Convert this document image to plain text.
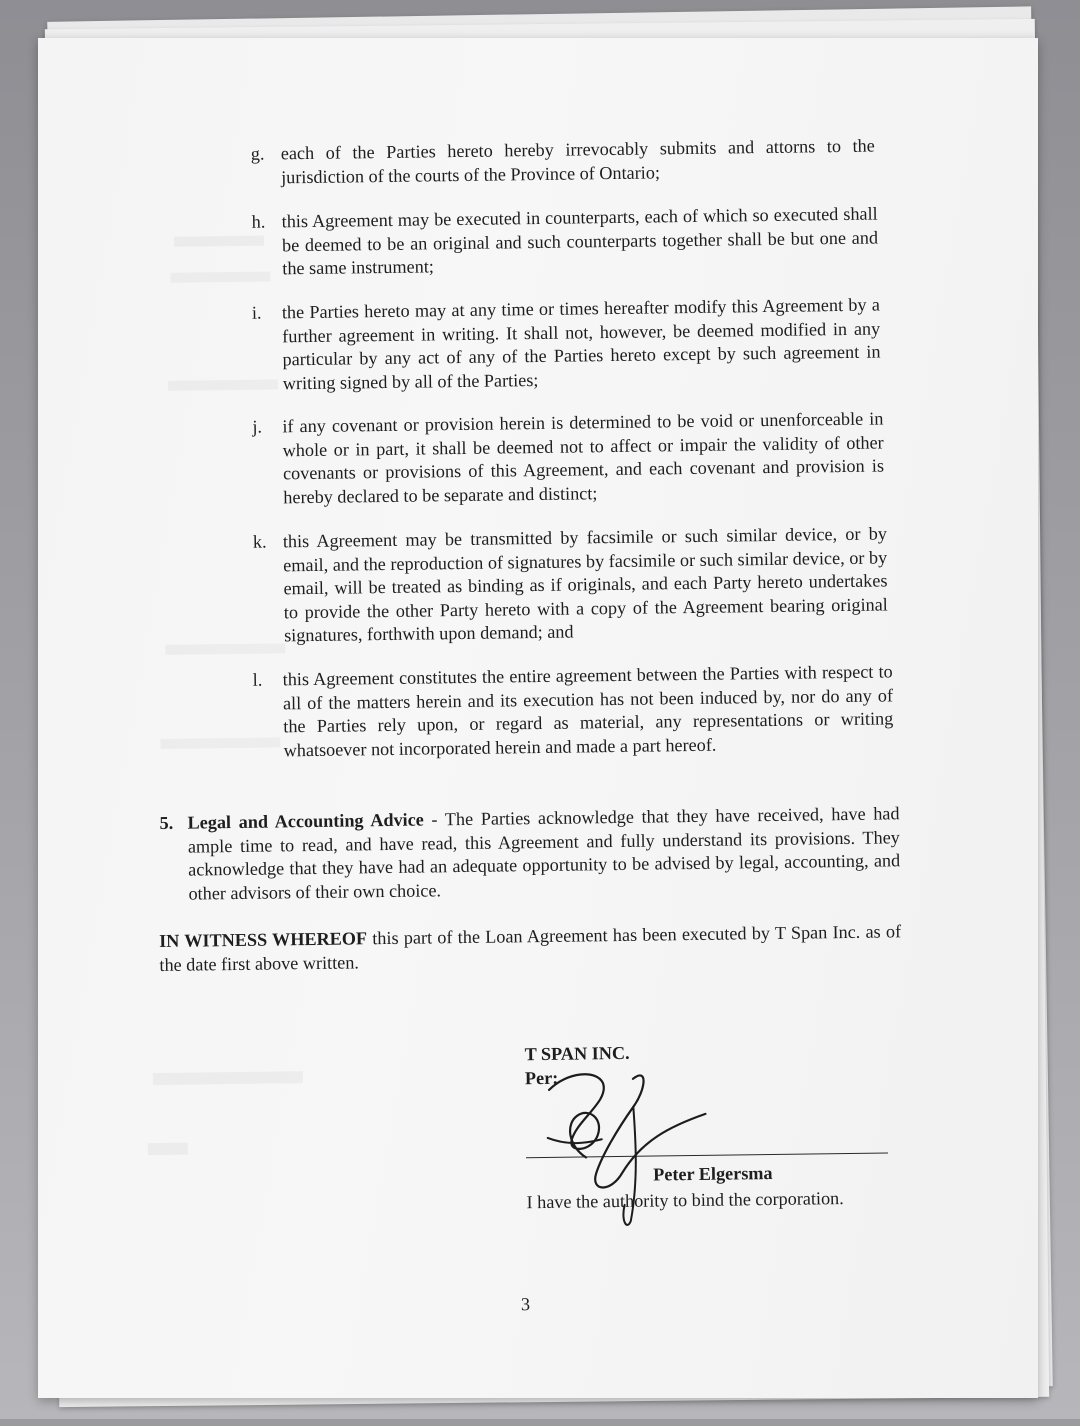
g. each of the Parties hereto hereby irrevocably submits and attorns to the jurisdiction of the courts of the Province of Ontario;
h. this Agreement may be executed in counterparts, each of which so executed shall be deemed to be an original and such counterparts together shall be but one and the same instrument;
i. the Parties hereto may at any time or times hereafter modify this Agreement by a further agreement in writing. It shall not, however, be deemed modified in any particular by any act of any of the Parties hereto except by such agreement in writing signed by all of the Parties;
j. if any covenant or provision herein is determined to be void or unenforceable in whole or in part, it shall be deemed not to affect or impair the validity of other covenants or provisions of this Agreement, and each covenant and provision is hereby declared to be separate and distinct;
k. this Agreement may be transmitted by facsimile or such similar device, or by email, and the reproduction of signatures by facsimile or such similar device, or by email, will be treated as binding as if originals, and each Party hereto undertakes to provide the other Party hereto with a copy of the Agreement bearing original signatures, forthwith upon demand; and
l. this Agreement constitutes the entire agreement between the Parties with respect to all of the matters herein and its execution has not been induced by, nor do any of the Parties rely upon, or regard as material, any representations or writing whatsoever not incorporated herein and made a part hereof.
5. Legal and Accounting Advice - The Parties acknowledge that they have received, have had ample time to read, and have read, this Agreement and fully understand its provisions. They acknowledge that they have had an adequate opportunity to be advised by legal, accounting, and other advisors of their own choice.
IN WITNESS WHEREOF this part of the Loan Agreement has been executed by T Span Inc. as of the date first above written.
T SPAN INC.
Per:
Peter Elgersma
I have the authority to bind the corporation.
3
